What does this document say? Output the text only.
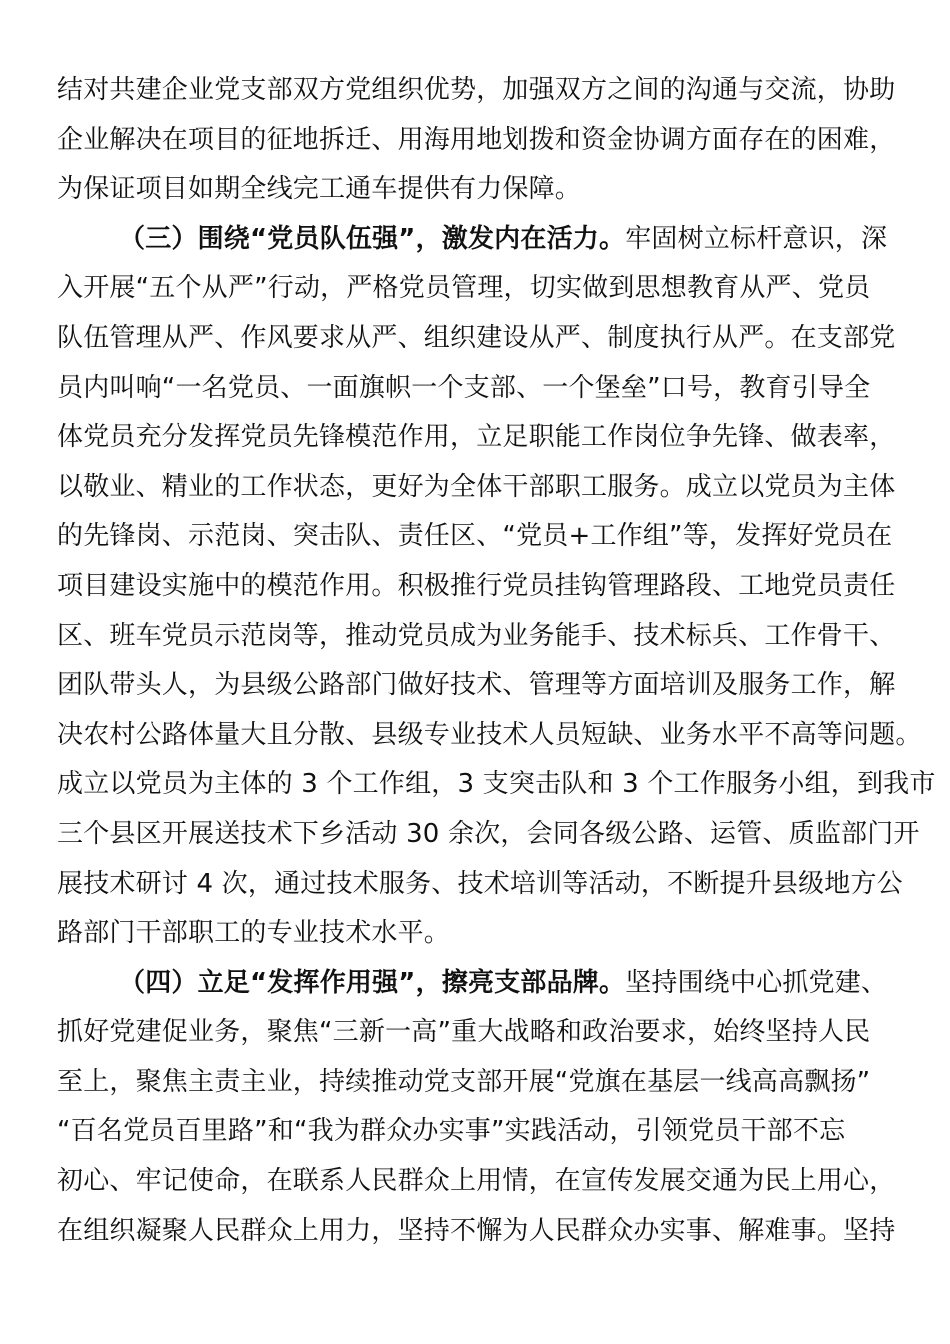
结对共建企业党支部双方党组织优势，加强双方之间的沟通与交流，协助
企业解决在项目的征地拆迁、用海用地划拨和资金协调方面存在的困难，
为保证项目如期全线完工通车提供有力保障。
（三）围绕“党员队伍强”，激发内在活力。牢固树立标杆意识，深
入开展“五个从严”行动，严格党员管理，切实做到思想教育从严、党员
队伍管理从严、作风要求从严、组织建设从严、制度执行从严。在支部党
员内叫响“一名党员、一面旗帜一个支部、一个堡垒”口号，教育引导全
体党员充分发挥党员先锋模范作用，立足职能工作岗位争先锋、做表率，
以敬业、精业的工作状态，更好为全体干部职工服务。成立以党员为主体
的先锋岗、示范岗、突击队、责任区、“党员+工作组”等，发挥好党员在
项目建设实施中的模范作用。积极推行党员挂钩管理路段、工地党员责任
区、班车党员示范岗等，推动党员成为业务能手、技术标兵、工作骨干、
团队带头人，为县级公路部门做好技术、管理等方面培训及服务工作，解
决农村公路体量大且分散、县级专业技术人员短缺、业务水平不高等问题。
成立以党员为主体的 3 个工作组，3 支突击队和 3 个工作服务小组，到我市
三个县区开展送技术下乡活动 30 余次，会同各级公路、运管、质监部门开
展技术研讨 4 次，通过技术服务、技术培训等活动，不断提升县级地方公
路部门干部职工的专业技术水平。
（四）立足“发挥作用强”，擦亮支部品牌。坚持围绕中心抓党建、
抓好党建促业务，聚焦“三新一高”重大战略和政治要求，始终坚持人民
至上，聚焦主责主业，持续推动党支部开展“党旗在基层一线高高飘扬”
“百名党员百里路”和“我为群众办实事”实践活动，引领党员干部不忘
初心、牢记使命，在联系人民群众上用情，在宣传发展交通为民上用心，
在组织凝聚人民群众上用力，坚持不懈为人民群众办实事、解难事。坚持
